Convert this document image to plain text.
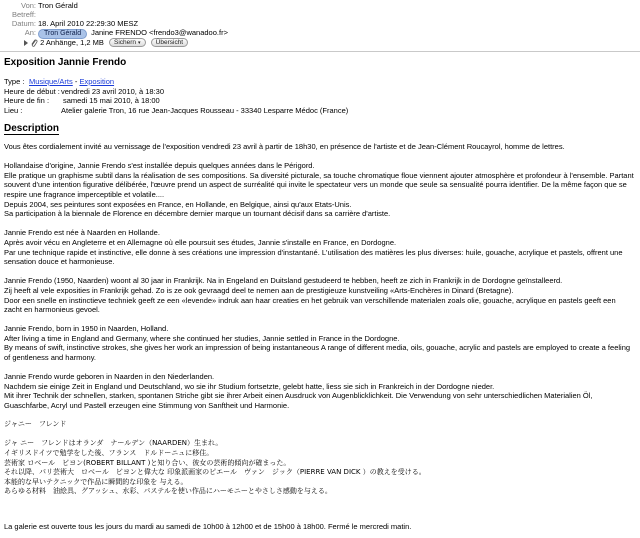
Von: Tron Gérald
Betreff:
Datum: 18. April 2010 22:29:30 MESZ
An:	Tron Gérald Janine FRENDO <frendo3@wanadoo.fr>
2 Anhänge, 1,2 MB Sichern ▾ Übersicht
Exposition Jannie Frendo
Type : Musique/Arts - Exposition
Heure de début : vendredi 23 avril 2010, à 18:30
Heure de fin : samedi 15 mai 2010, à 18:00
Lieu :	Atelier galerie Tron, 16 rue Jean-Jacques Rousseau - 33340 Lesparre Médoc (France)
Description

Vous êtes cordialement invité au vernissage de l'exposition vendredi 23 avril à partir de 18h30, en présence de l'artiste et de Jean-Clément Roucayrol, homme de lettres.

Hollandaise d'origine, Jannie Frendo s'est installée depuis quelques années dans le Périgord.

Elle pratique un graphisme subtil dans la réalisation de ses compositions. Sa diversité picturale, sa touche chromatique floue viennent ajouter atmosphère et profondeur à l'ensemble. Partant souvent d'une intention figurative délibérée, l'œuvre prend un aspect de surréalité qui invite le spectateur vers un monde que seule sa sensualité pourra identifier. De la même façon que se respire une fragrance imperceptible et volatile....

Depuis 2004, ses peintures sont exposées en France, en Hollande, en Belgique, ainsi qu'aux Etats-Unis.

Sa participation à la biennale de Florence en décembre dernier marque un tournant décisif dans sa carrière d'artiste.

Jannie Frendo est née à Naarden en Hollande.

Après avoir vécu en Angleterre et en Allemagne où elle poursuit ses études, Jannie s'installe en France, en Dordogne.

Par une technique rapide et instinctive, elle donne à ses créations une impression d'instantané. L'utilisation des matières les plus diverses: huile, gouache, acrylique et pastels, offrent une sensation douce et harmonieuse.

Jannie Frendo (1950, Naarden) woont al 30 jaar in Frankrijk. Na in Engeland en Duitsland gestudeerd te hebben, heeft ze zich in Frankrijk in de Dordogne geïnstalleerd.

Zij heeft al vele exposities in Frankrijk gehad. Zo is ze ook gevraagd deel te nemen aan de prestigieuze kunstveiling «Arts-Enchères in Dinard (Bretagne).

Door een snelle en instinctieve techniek geeft ze een «levende» indruk aan haar creaties en het gebruik van verschillende materialen zoals olie, gouache, acrylique en pastels geeft een zacht en harmonieus gevoel.

Jannie Frendo, born in 1950 in Naarden, Holland.

After living a time in England and Germany, where she continued her studies, Jannie settled in France in the Dordogne.

By means of swift, instinctive strokes, she gives her work an impression of being instantaneous A range of different media, oils, gouache, acrylic and pastels are employed to create a feeling of gentleness and harmony.

Jannie Frendo wurde geboren in Naarden in den Niederlanden.

Nachdem sie einige Zeit in England und Deutschland, wo sie ihr Studium fortsetzte, gelebt hatte, liess sie sich in Frankreich in der Dordogne nieder.

Mit ihrer Technik der schnellen, starken, spontanen Striche gibt sie ihrer Arbeit einen Ausdruck von Augenblicklichkeit. Die Verwendung von sehr unterschiedlichen Materialien Öl, Guaschfarbe, Acryl und Pastell erzeugen eine Stimmung von Sanftheit und Harmonie.

ジャニー　フレンド

ジャ ニー　フレンドはオランダ　ナールデン（NAARDEN）生まれ。

イギリスドイツで勉学をした後、フランス　ドルドーニュに移住。

芸術家 ロベール　ビヨン(ROBERT BILLANT )と知り合い、彼女の芸術的傾向が確まった。

それ以降、パリ芸術大　ロベール　ビヨンと偉大な 印象派画家のピエール　ヴァン　ジック（PIERRE VAN DICK ）の教えを受ける。

本能的な早いテクニックで作品に瞬間的な印象を 与える。

あらゆる材料　油絵具、グアッシュ、水彩、パステルを使い作品にハーモニーとやさしさ感動を与える。

La galerie est ouverte tous les jours du mardi au samedi de 10h00 à 12h00 et de 15h00 à 18h00. Fermé le mercredi matin.
